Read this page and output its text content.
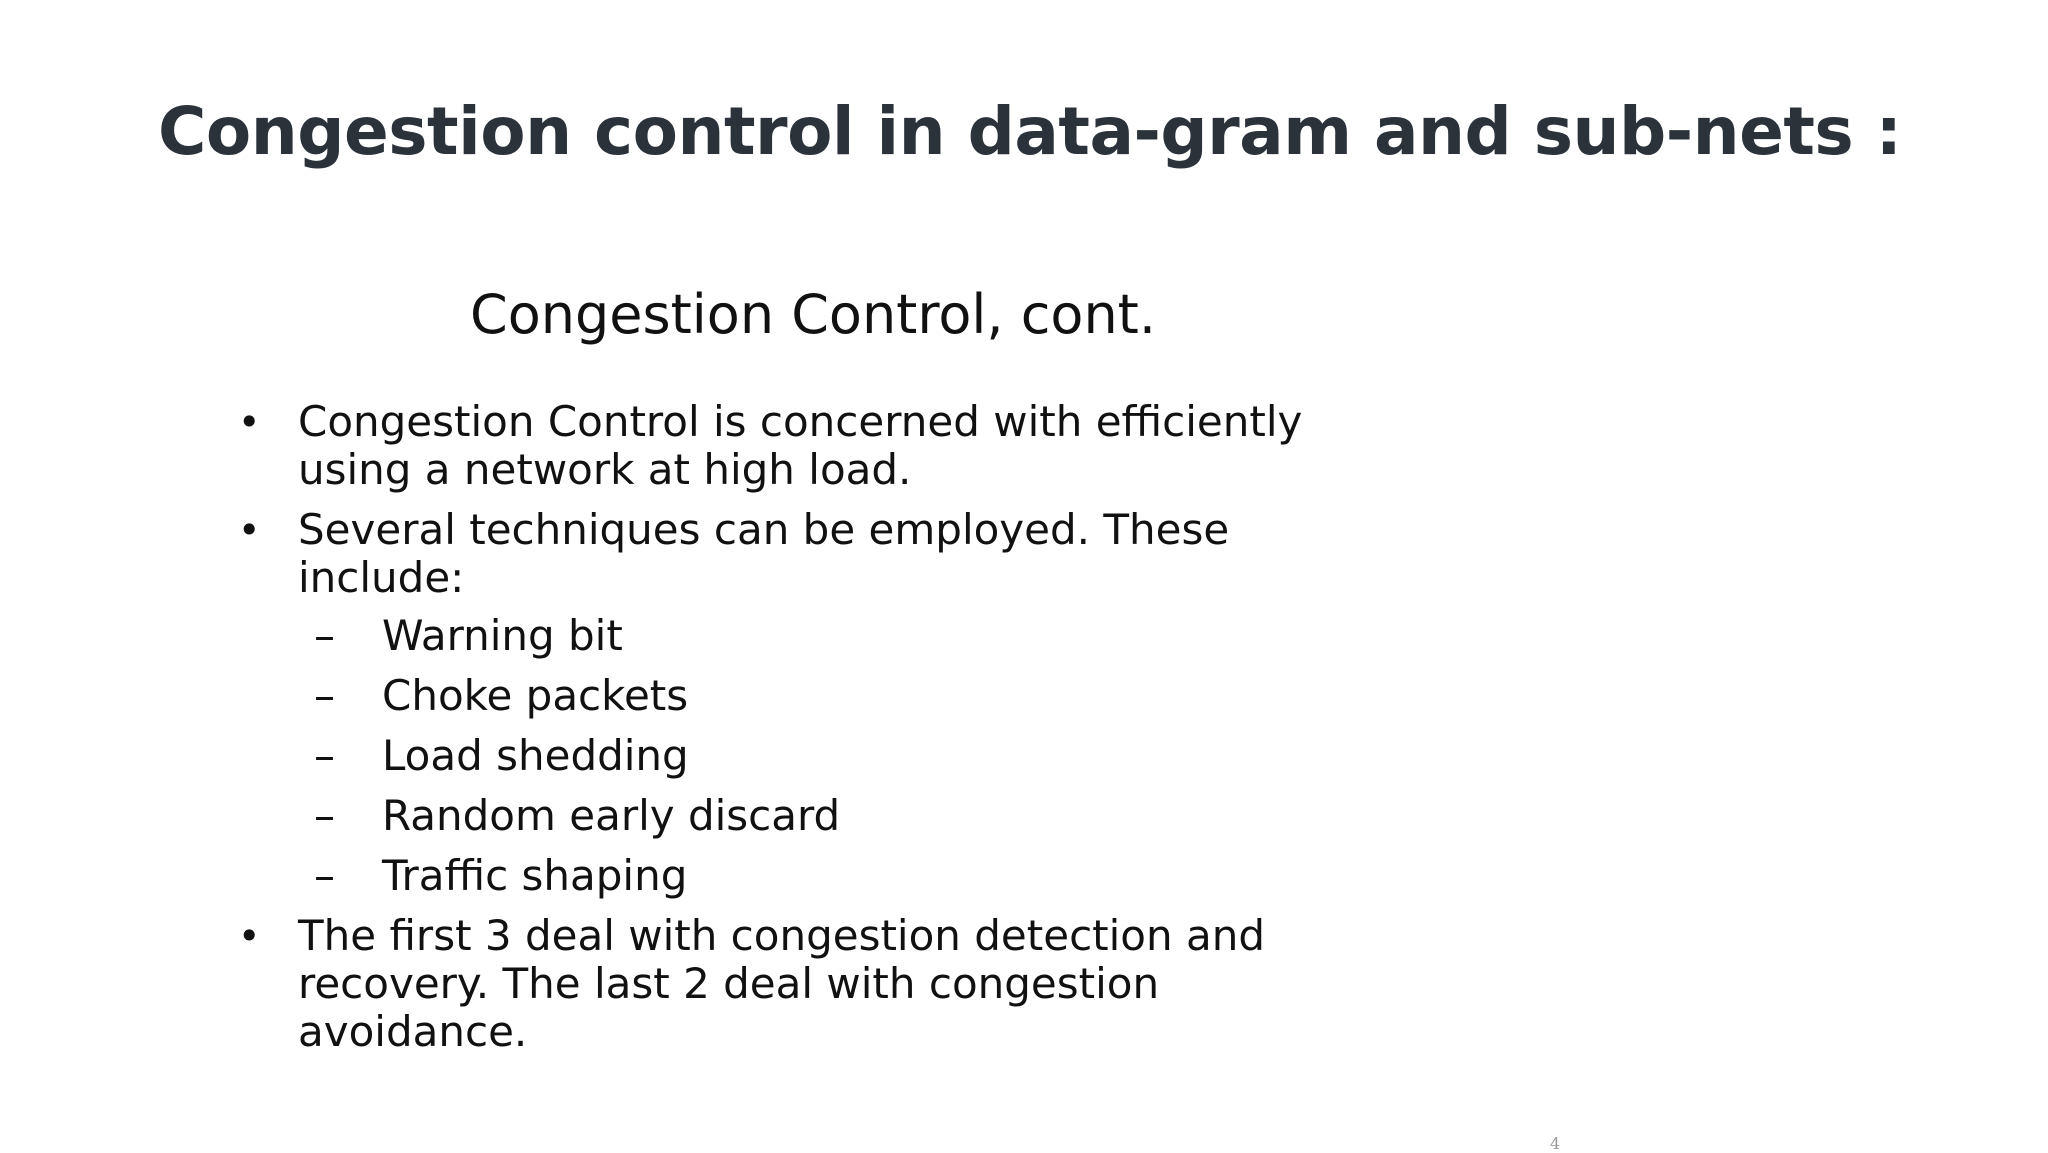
Congestion control in data-gram and sub-nets :
Congestion Control, cont.
• Congestion Control is concerned with efficiently
using a network at high load.
• Several techniques can be employed. These
include:
– Warning bit
– Choke packets
– Load shedding
– Random early discard
– Traffic shaping
• The first 3 deal with congestion detection and
recovery. The last 2 deal with congestion
avoidance.
4
